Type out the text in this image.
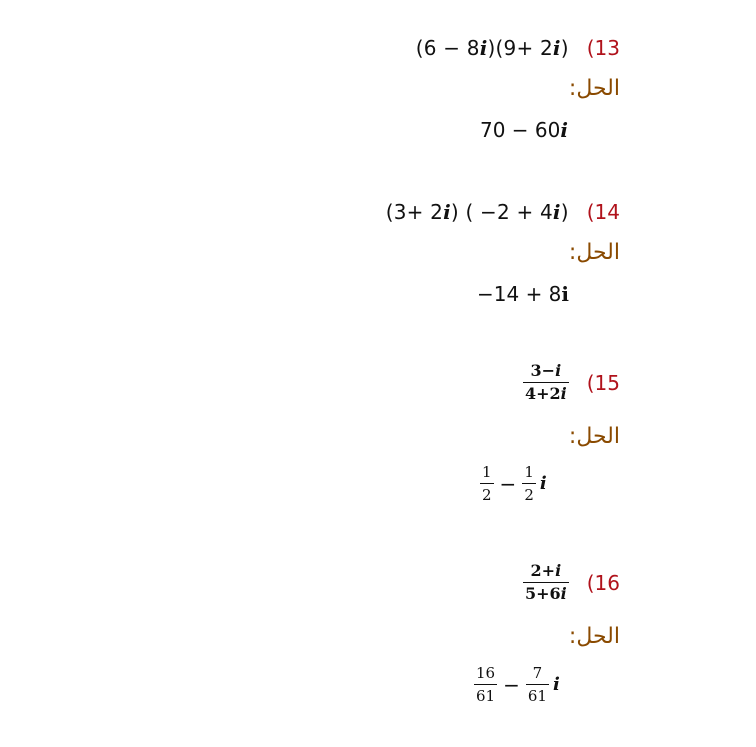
(6 − 8i)(9+ 2i) (13
الحل:
70 − 60 i
(3+ 2i) ( −2 + 4i) (14
الحل:
−14 + 8 i
$\frac{3-i}{4+2i} (15$
الحل:
$\frac{1}{2} - \frac{1}{2}$ i
$\frac{2+i}{5+6i} (16$
الحل:
$\frac{16}{61} - \frac{7}{61}$ i
